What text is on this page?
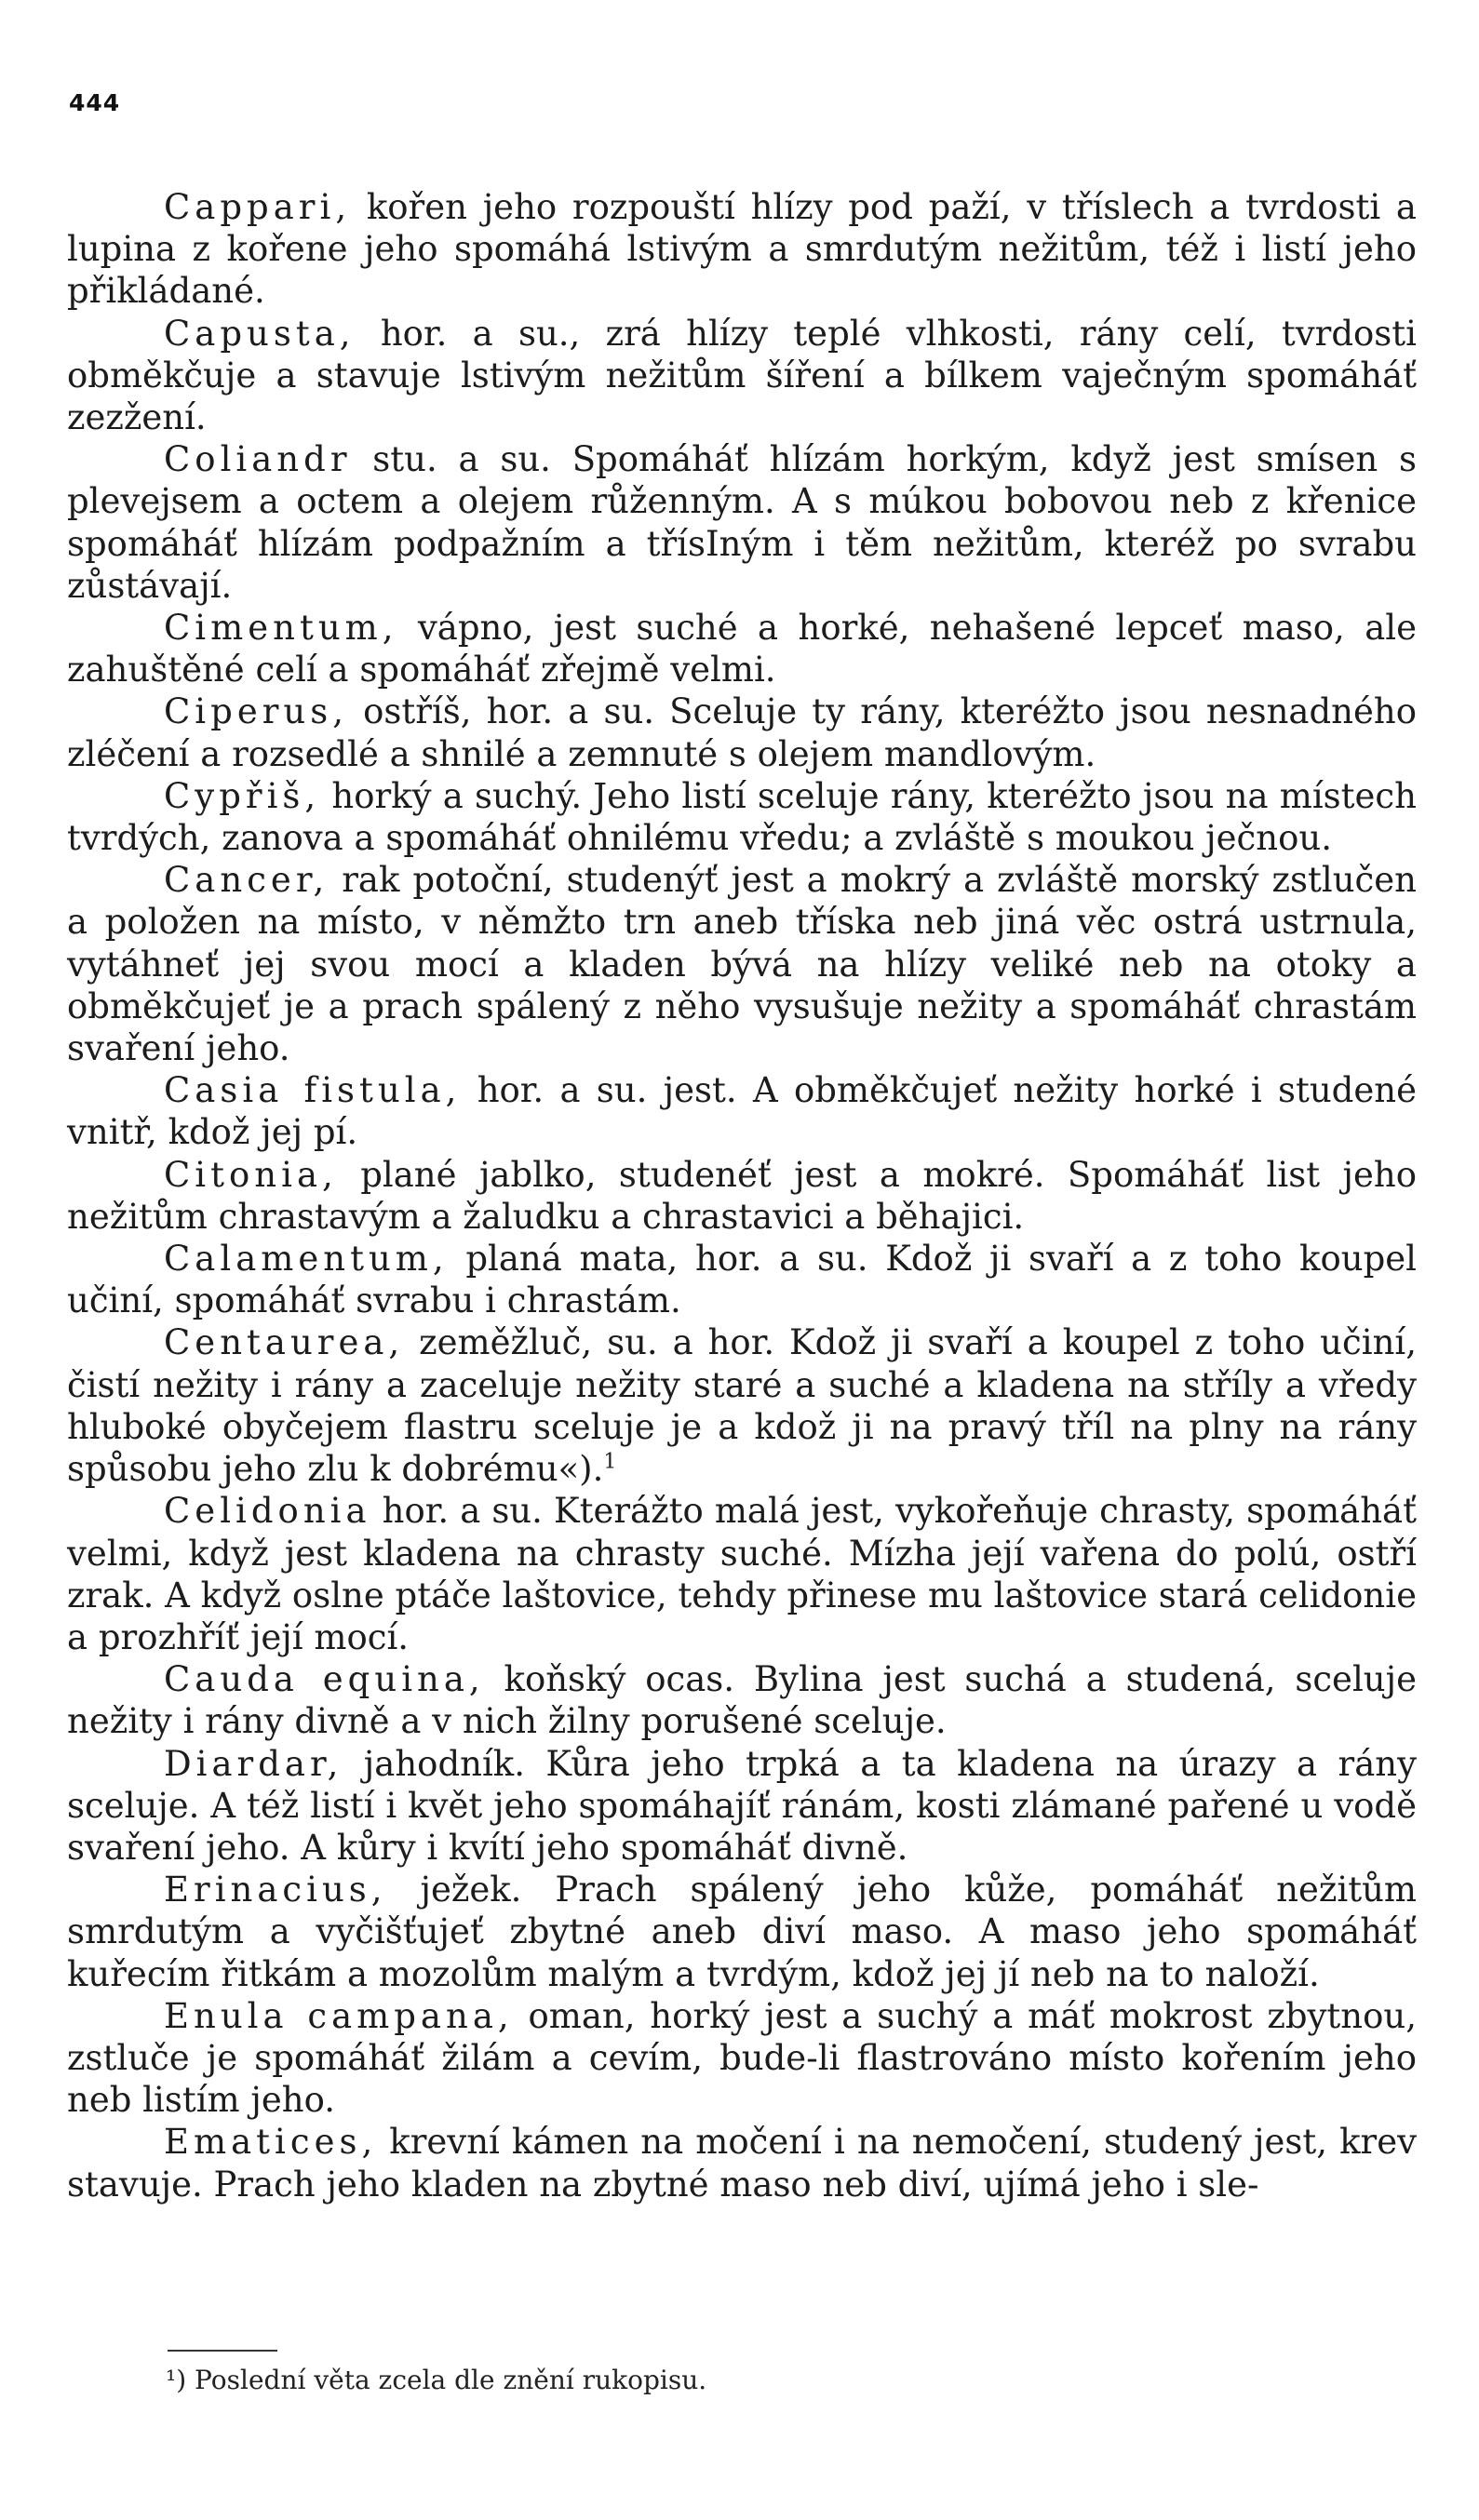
444

Cappari, kořen jeho rozpouští hlízy pod paží, v tříslech a tvrdosti a lupina z kořene jeho spomáhá lstivým a smrdutým nežitům, též i listí jeho přikládané.

Capusta, hor. a su., zrá hlízy teplé vlhkosti, rány celí, tvrdosti obměkčuje a stavuje lstivým nežitům šíření a bílkem vaječným spomáháť zezžení.

Coliandr stu. a su. Spomáháť hlízám horkým, když jest smísen s plevejsem a octem a olejem růženným. A s múkou bobovou neb z křenice spomáháť hlízám podpažním a třísIným i těm nežitům, kteréž po svrabu zůstávají.

Cimentum, vápno, jest suché a horké, nehašené lepceť maso, ale zahuštěné celí a spomáháť zřejmě velmi.

Ciperus, ostříš, hor. a su. Sceluje ty rány, kteréžto jsou nesnadného zléčení a rozsedlé a shnilé a zemnuté s olejem mandlovým.

Cypřiš, horký a suchý. Jeho listí sceluje rány, kteréžto jsou na místech tvrdých, zanova a spomáháť ohnilému vředu; a zvláště s moukou ječnou.

Cancer, rak potoční, studenýť jest a mokrý a zvláště morský zstlučen a položen na místo, v němžto trn aneb tříska neb jiná věc ostrá ustrnula, vytáhneť jej svou mocí a kladen bývá na hlízy veliké neb na otoky a obměkčujeť je a prach spálený z něho vysušuje nežity a spomáháť chrastám svaření jeho.

Casia fistula, hor. a su. jest. A obměkčujeť nežity horké i studené vnitř, kdož jej pí.

Citonia, plané jablko, studenéť jest a mokré. Spomáháť list jeho nežitům chrastavým a žaludku a chrastavici a běhajici.

Calamentum, planá mata, hor. a su. Kdož ji svaří a z toho koupel učiní, spomáháť svrabu i chrastám.

Centaurea, zeměžluč, su. a hor. Kdož ji svaří a koupel z toho učiní, čistí nežity i rány a zaceluje nežity staré a suché a kladena na stříly a vředy hluboké obyčejem flastru sceluje je a kdož ji na pravý tříl na plny na rány spůsobu jeho zlu k dobrému«).$^1$

Celidonia hor. a su. Kterážto malá jest, vykořeňuje chrasty, spomáháť velmi, když jest kladena na chrasty suché. Mízha její vařena do polú, ostří zrak. A když oslne ptáče laštovice, tehdy přinese mu laštovice stará celidonie a prozhříť její mocí.

Cauda equina, koňský ocas. Bylina jest suchá a studená, sceluje nežity i rány divně a v nich žilny porušené sceluje.

Diardar, jahodník. Kůra jeho trpká a ta kladena na úrazy a rány sceluje. A též listí i květ jeho spomáhajíť ránám, kosti zlámané pařené u vodě svaření jeho. A kůry i kvítí jeho spomáháť divně.

Erinacius, ježek. Prach spálený jeho kůže, pomáháť nežitům smrdutým a vyčišťujeť zbytné aneb diví maso. A maso jeho spomáháť kuřecím řitkám a mozolům malým a tvrdým, kdož jej jí neb na to naloží.

Enula campana, oman, horký jest a suchý a máť mokrost zbytnou, zstluče je spomáháť žilám a cevím, bude-li flastrováno místo kořením jeho neb listím jeho.

Ematices, krevní kámen na močení i na nemočení, studený jest, krev stavuje. Prach jeho kladen na zbytné maso neb diví, ujímá jeho i sle-

¹) Poslední věta zcela dle znění rukopisu.
